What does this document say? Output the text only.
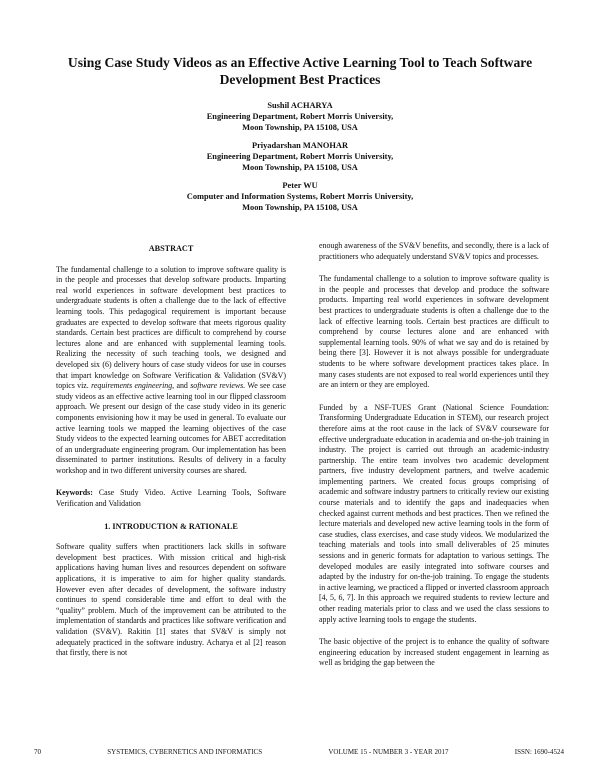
Using Case Study Videos as an Effective Active Learning Tool to Teach Software Development Best Practices
Sushil ACHARYA
Engineering Department, Robert Morris University,
Moon Township, PA 15108, USA
Priyadarshan MANOHAR
Engineering Department, Robert Morris University,
Moon Township, PA 15108, USA
Peter WU
Computer and Information Systems, Robert Morris University,
Moon Township, PA 15108, USA
ABSTRACT
The fundamental challenge to a solution to improve software quality is in the people and processes that develop software products. Imparting real world experiences in software development best practices to undergraduate students is often a challenge due to the lack of effective learning tools. This pedagogical requirement is important because graduates are expected to develop software that meets rigorous quality standards. Certain best practices are difficult to comprehend by course lectures alone and are enhanced with supplemental learning tools. Realizing the necessity of such teaching tools, we designed and developed six (6) delivery hours of case study videos for use in courses that impart knowledge on Software Verification & Validation (SV&V) topics viz. requirements engineering, and software reviews. We see case study videos as an effective active learning tool in our flipped classroom approach. We present our design of the case study video in its generic components envisioning how it may be used in general. To evaluate our active learning tools we mapped the learning objectives of the case Study videos to the expected learning outcomes for ABET accreditation of an undergraduate engineering program. Our implementation has been disseminated to partner institutions. Results of delivery in a faculty workshop and in two different university courses are shared.
Keywords: Case Study Video. Active Learning Tools, Software Verification and Validation
1. INTRODUCTION & RATIONALE
Software quality suffers when practitioners lack skills in software development best practices. With mission critical and high-risk applications having human lives and resources dependent on software applications, it is imperative to aim for higher quality standards. However even after decades of development, the software industry continues to spend considerable time and effort to deal with the “quality” problem. Much of the improvement can be attributed to the implementation of standards and practices like software verification and validation (SV&V). Rakitin [1] states that SV&V is simply not adequately practiced in the software industry. Acharya et al [2] reason that firstly, there is not
enough awareness of the SV&V benefits, and secondly, there is a lack of practitioners who adequately understand SV&V topics and processes.
The fundamental challenge to a solution to improve software quality is in the people and processes that develop and produce the software products. Imparting real world experiences in software development best practices to undergraduate students is often a challenge due to the lack of effective learning tools. Certain best practices are difficult to comprehend by course lectures alone and are enhanced with supplemental learning tools. 90% of what we say and do is retained by being there [3]. However it is not always possible for undergraduate students to be where software development practices takes place. In many cases students are not exposed to real world experiences until they are an intern or they are employed.
Funded by a NSF-TUES Grant (National Science Foundation: Transforming Undergraduate Education in STEM), our research project therefore aims at the root cause in the lack of SV&V courseware for effective undergraduate education in academia and on-the-job training in industry. The project is carried out through an academic-industry partnership. The entire team involves two academic development partners, five industry development partners, and twelve academic implementing partners. We created focus groups comprising of academic and software industry partners to critically review our existing course materials and to identify the gaps and inadequacies when checked against current methods and best practices. Then we refined the lecture materials and developed new active learning tools in the form of case studies, class exercises, and case study videos. We modularized the teaching materials and tools into small deliverables of 25 minutes sessions and in generic formats for adaptation to various settings. The developed modules are easily integrated into software courses and adapted by the industry for on-the-job training. To engage the students in active learning, we practiced a flipped or inverted classroom approach [4, 5, 6, 7]. In this approach we required students to review lecture and other reading materials prior to class and we used the class sessions to apply active learning tools to engage the students.
The basic objective of the project is to enhance the quality of software engineering education by increased student engagement in learning as well as bridging the gap between the
70	SYSTEMICS, CYBERNETICS AND INFORMATICS	VOLUME 15 - NUMBER 3 - YEAR 2017	ISSN: 1690-4524
